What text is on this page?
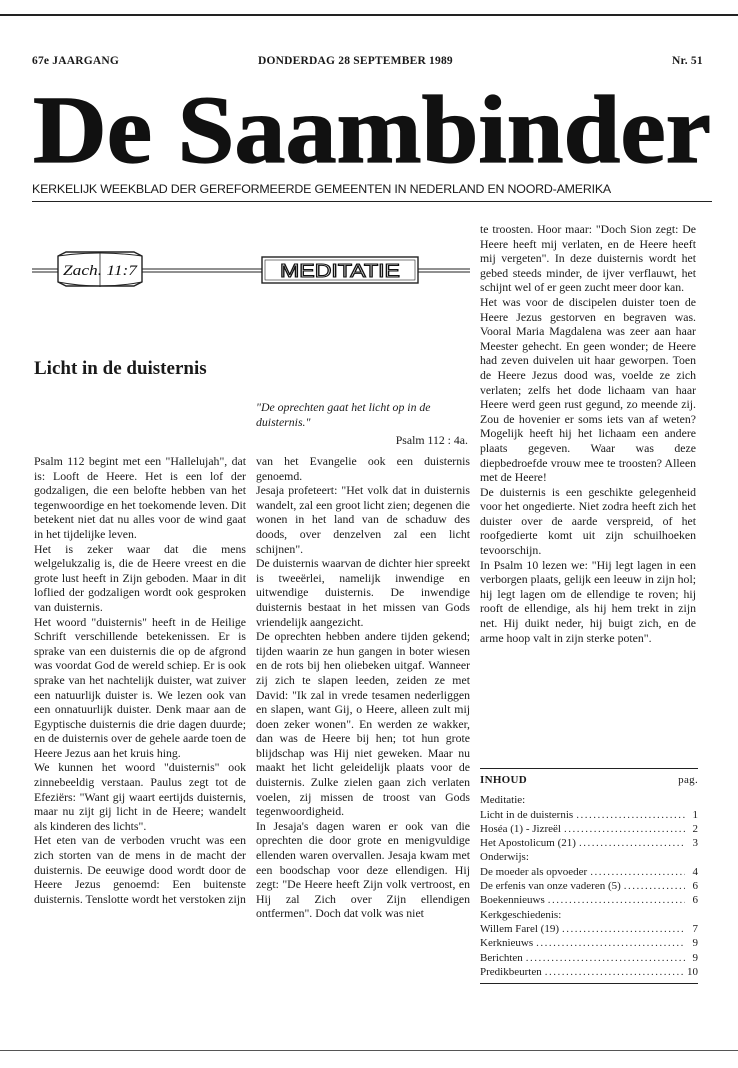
67e JAARGANG	DONDERDAG 28 SEPTEMBER 1989	Nr. 51
De Saambinder
KERKELIJK WEEKBLAD DER GEREFORMEERDE GEMEENTEN IN NEDERLAND EN NOORD-AMERIKA
Zach. 11:7	MEDITATIE
Licht in de duisternis
"De oprechten gaat het licht op in de duisternis."
Psalm 112 : 4a.

Psalm 112 begint met een "Hallelujah", dat is: Looft de Heere. Het is een lof der godzaligen, die een belofte hebben van het tegenwoordige en het toekomende leven. Dit betekent niet dat nu alles voor de wind gaat in het tijdelijke leven.

Het is zeker waar dat die mens welgelukzalig is, die de Heere vreest en die grote lust heeft in Zijn geboden. Maar in dit loflied der godzaligen wordt ook gesproken van duisternis.

Het woord "duisternis" heeft in de Heilige Schrift verschillende betekenissen. Er is sprake van een duisternis die op de afgrond was voordat God de wereld schiep. Er is ook sprake van het nachtelijk duister, wat zuiver een natuurlijk duister is. We lezen ook van een onnatuurlijk duister. Denk maar aan de Egyptische duisternis die drie dagen duurde; en de duisternis over de gehele aarde toen de Heere Jezus aan het kruis hing.

We kunnen het woord "duisternis" ook zinnebeeldig verstaan. Paulus zegt tot de Efeziërs: "Want gij waart eertijds duisternis, maar nu zijt gij licht in de Heere; wandelt als kinderen des lichts".

Het eten van de verboden vrucht was een zich storten van de mens in de macht der duisternis. De eeuwige dood wordt door de Heere Jezus genoemd: Een buitenste duisternis. Tenslotte wordt het verstoken zijn

van het Evangelie ook een duisternis genoemd.

Jesaja profeteert: "Het volk dat in duisternis wandelt, zal een groot licht zien; degenen die wonen in het land van de schaduw des doods, over denzelven zal een licht schijnen".

De duisternis waarvan de dichter hier spreekt is tweeërlei, namelijk inwendige en uitwendige duisternis. De inwendige duisternis bestaat in het missen van Gods vriendelijk aangezicht.

De oprechten hebben andere tijden gekend; tijden waarin ze hun gangen in boter wiesen en de rots bij hen oliebeken uitgaf. Wanneer zij zich te slapen leeden, zeiden ze met David: "Ik zal in vrede tesamen nederliggen en slapen, want Gij, o Heere, alleen zult mij doen zeker wonen". En werden ze wakker, dan was de Heere bij hen; tot hun grote blijdschap was Hij niet geweken. Maar nu maakt het licht geleidelijk plaats voor de duisternis. Zulke zielen gaan zich verlaten voelen, zij missen de troost van Gods tegenwoordigheid.

In Jesaja's dagen waren er ook van die oprechten die door grote en menigvuldige ellenden waren overvallen. Jesaja kwam met een boodschap voor deze ellendigen. Hij zegt: "De Heere heeft Zijn volk vertroost, en Hij zal Zich over Zijn ellendigen ontfermen". Doch dat volk was niet

te troosten. Hoor maar: "Doch Sion zegt: De Heere heeft mij verlaten, en de Heere heeft mij vergeten". In deze duisternis wordt het gebed steeds minder, de ijver verflauwt, het schijnt wel of er geen zucht meer door kan.

Het was voor de discipelen duister toen de Heere Jezus gestorven en begraven was. Vooral Maria Magdalena was zeer aan haar Meester gehecht. En geen wonder; de Heere had zeven duivelen uit haar geworpen. Toen de Heere Jezus dood was, voelde ze zich verlaten; zelfs het dode lichaam van haar Heere werd geen rust gegund, zo meende zij. Zou de hovenier er soms iets van af weten? Mogelijk heeft hij het lichaam een andere plaats gegeven. Waar was deze diepbedroefde vrouw mee te troosten? Alleen met de Heere!

De duisternis is een geschikte gelegenheid voor het ongedierte. Niet zodra heeft zich het duister over de aarde verspreid, of het roofgedierte komt uit zijn schuilhoeken tevoorschijn.

In Psalm 10 lezen we: "Hij legt lagen in een verborgen plaats, gelijk een leeuw in zijn hol; hij legt lagen om de ellendige te roven; hij rooft de ellendige, als hij hem trekt in zijn net. Hij duikt neder, hij buigt zich, en de arme hoop valt in zijn sterke poten".

INHOUD	pag.
Meditatie:
Licht in de duisternis .....	1
Hoséa (1) - Jizreël .....	2
Het Apostolicum (21) .....	3
Onderwijs:
De moeder als opvoeder .....	4
De erfenis van onze vaderen (5) .....	6
Boekennieuws .....	6
Kerkgeschiedenis:
Willem Farel (19) .....	7
Kerknieuws .....	9
Berichten .....	9
Predikbeurten .....	10
